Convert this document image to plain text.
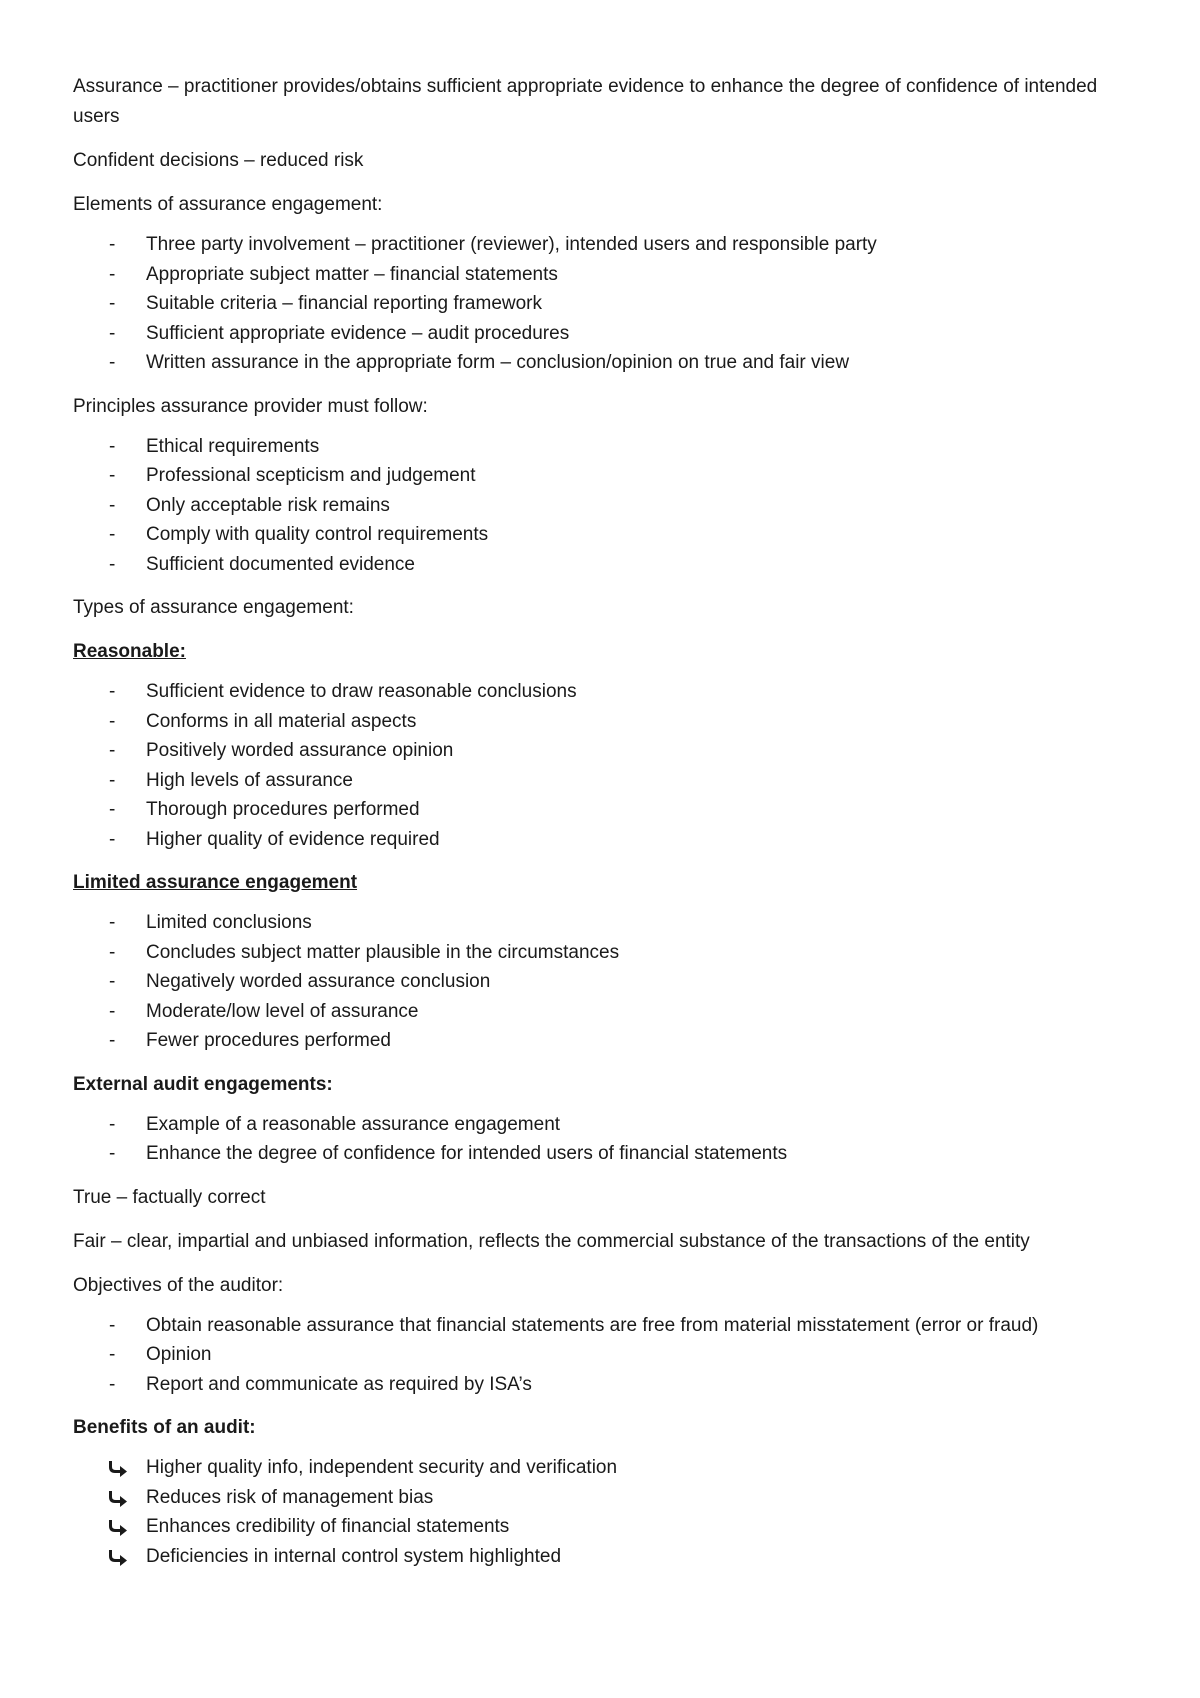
Assurance – practitioner provides/obtains sufficient appropriate evidence to enhance the degree of confidence of intended users

Confident decisions – reduced risk

Elements of assurance engagement:

- Three party involvement – practitioner (reviewer), intended users and responsible party
- Appropriate subject matter – financial statements
- Suitable criteria – financial reporting framework
- Sufficient appropriate evidence – audit procedures
- Written assurance in the appropriate form – conclusion/opinion on true and fair view

Principles assurance provider must follow:

- Ethical requirements
- Professional scepticism and judgement
- Only acceptable risk remains
- Comply with quality control requirements
- Sufficient documented evidence

Types of assurance engagement:

Reasonable:

- Sufficient evidence to draw reasonable conclusions
- Conforms in all material aspects
- Positively worded assurance opinion
- High levels of assurance
- Thorough procedures performed
- Higher quality of evidence required

Limited assurance engagement

- Limited conclusions
- Concludes subject matter plausible in the circumstances
- Negatively worded assurance conclusion
- Moderate/low level of assurance
- Fewer procedures performed

External audit engagements:

- Example of a reasonable assurance engagement
- Enhance the degree of confidence for intended users of financial statements

True – factually correct

Fair – clear, impartial and unbiased information, reflects the commercial substance of the transactions of the entity

Objectives of the auditor:

- Obtain reasonable assurance that financial statements are free from material misstatement (error or fraud)
- Opinion
- Report and communicate as required by ISA’s

Benefits of an audit:

Higher quality info, independent security and verification
Reduces risk of management bias
Enhances credibility of financial statements
Deficiencies in internal control system highlighted
